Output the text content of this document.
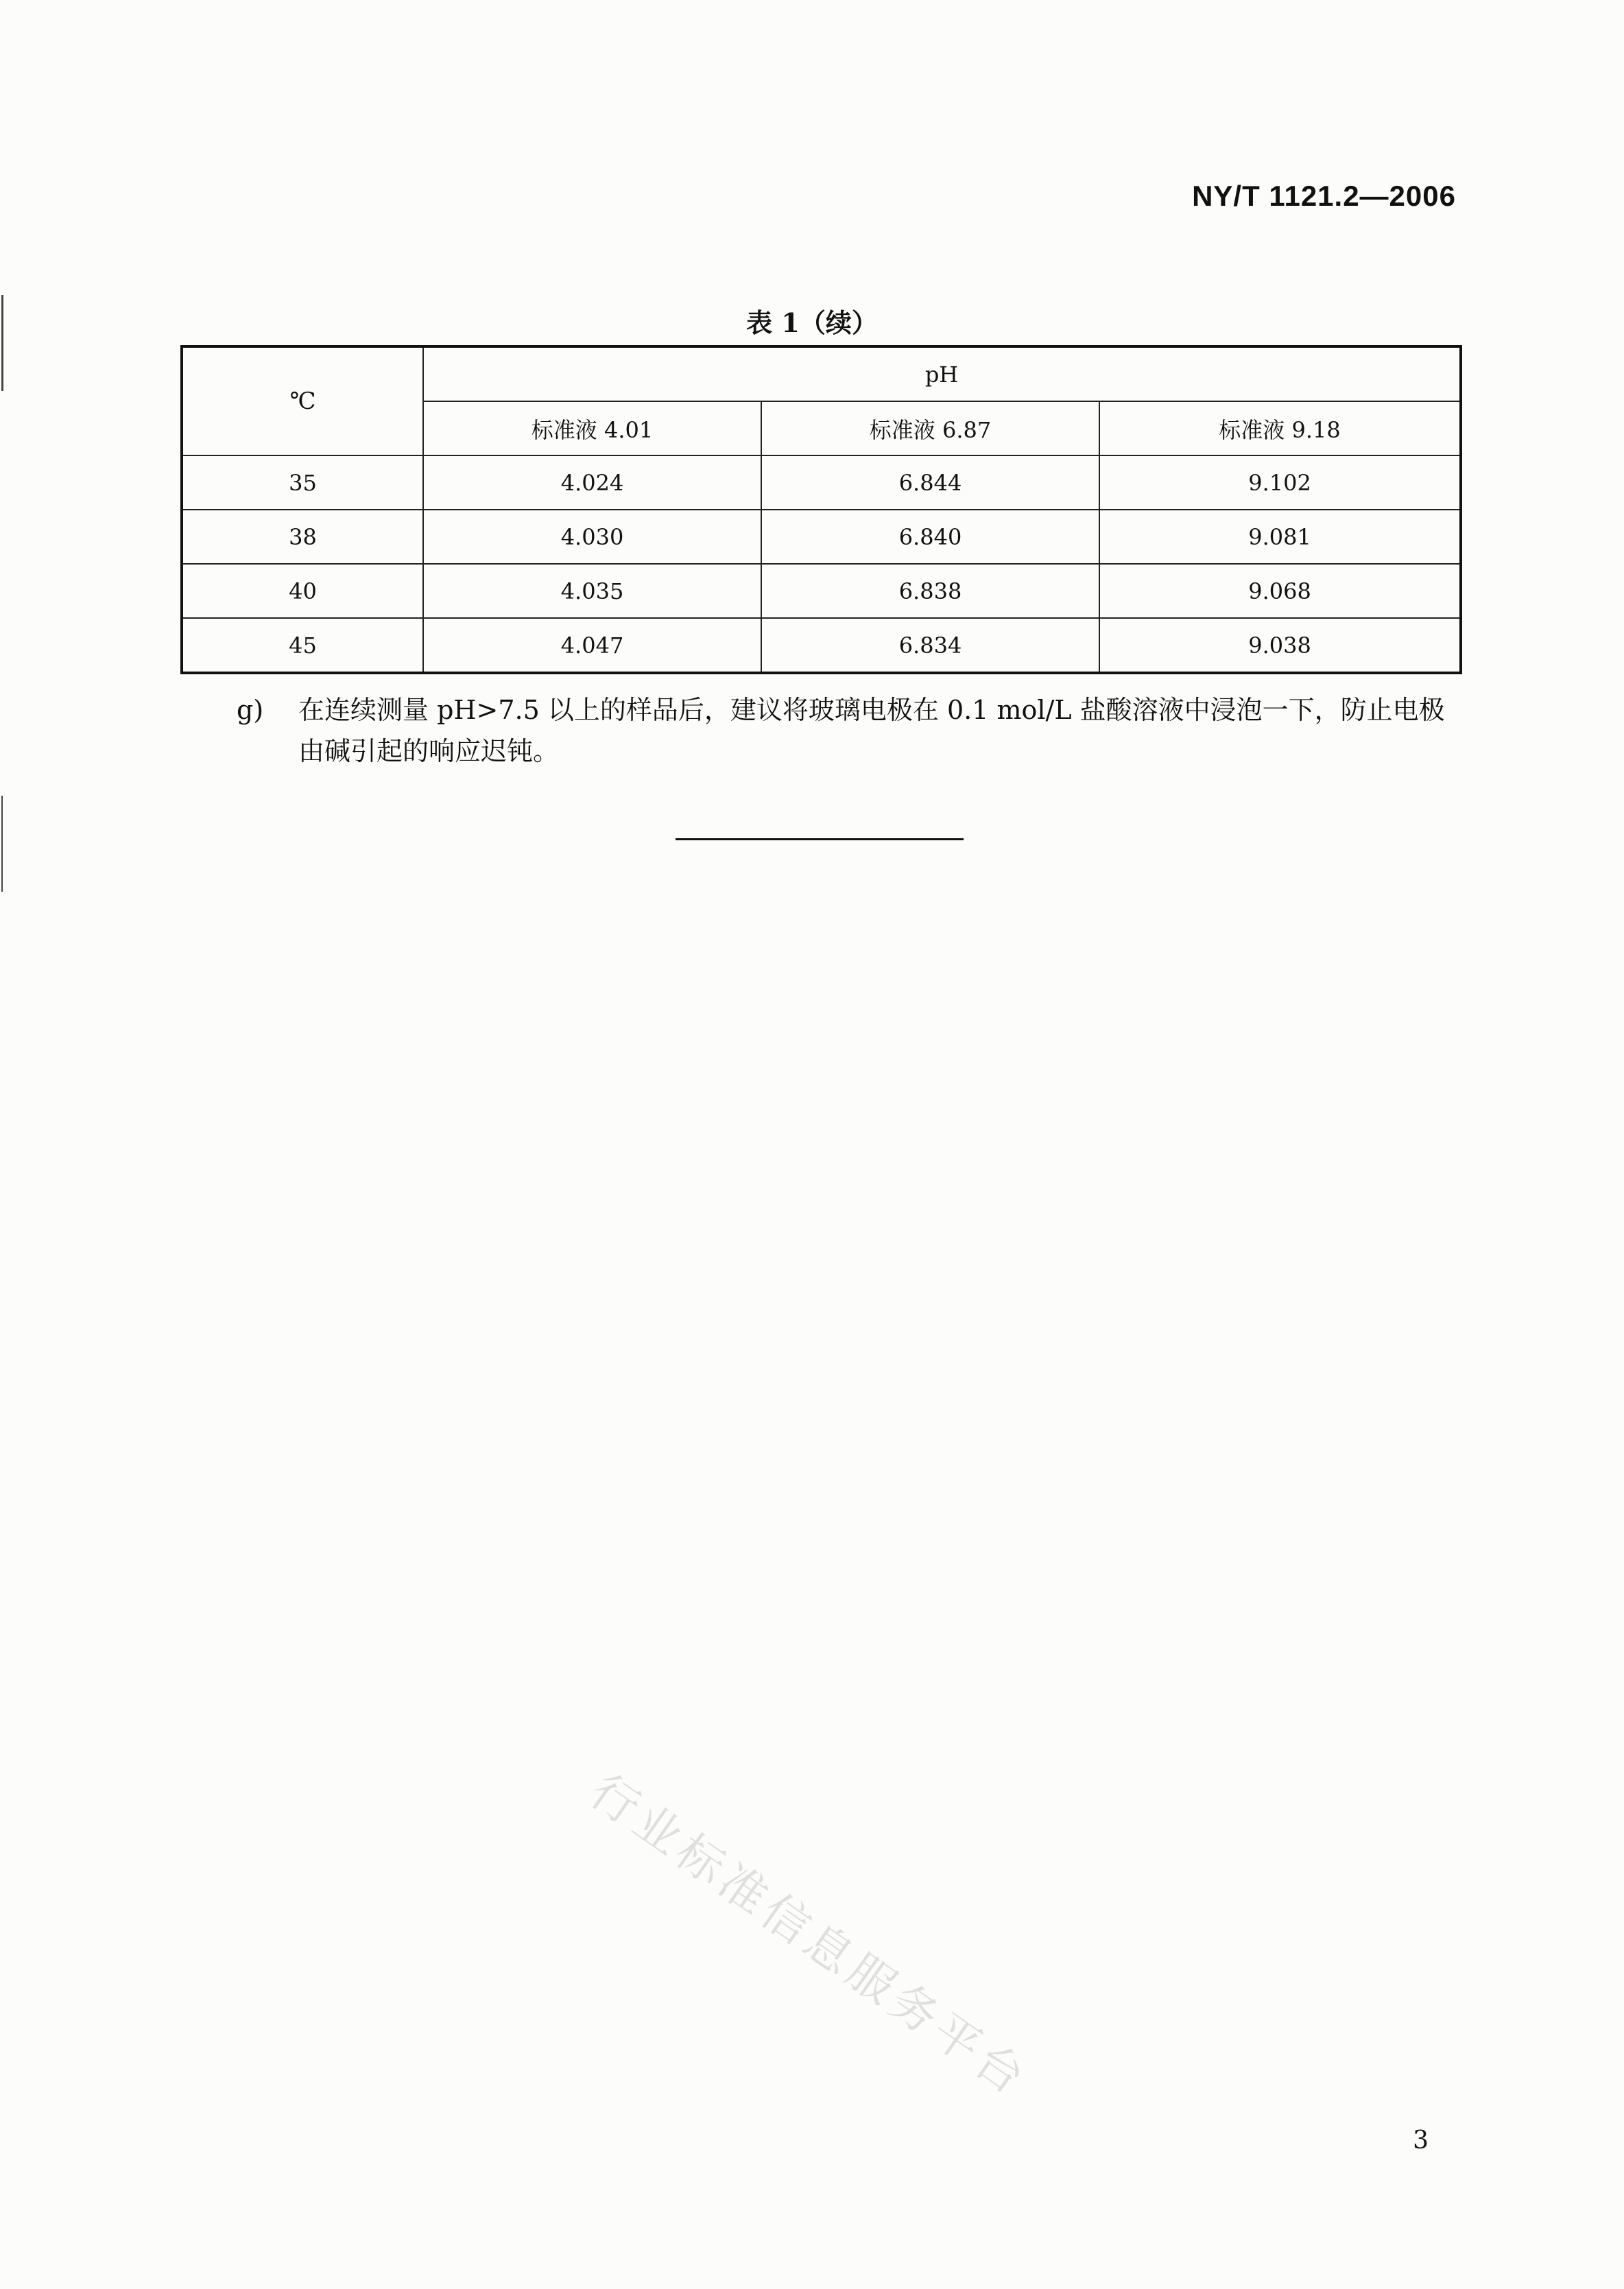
NY/T 1121.2—2006
表 1（续）
℃	pH		
	标准液 4.01	标准液 6.87	标准液 9.18
35	4.024	6.844	9.102
38	4.030	6.840	9.081
40	4.035	6.838	9.068
45	4.047	6.834	9.038
g) 在连续测量 pH>7.5 以上的样品后，建议将玻璃电极在 0.1 mol/L 盐酸溶液中浸泡一下，防止电极由碱引起的响应迟钝。
行业标准信息服务平台
3
